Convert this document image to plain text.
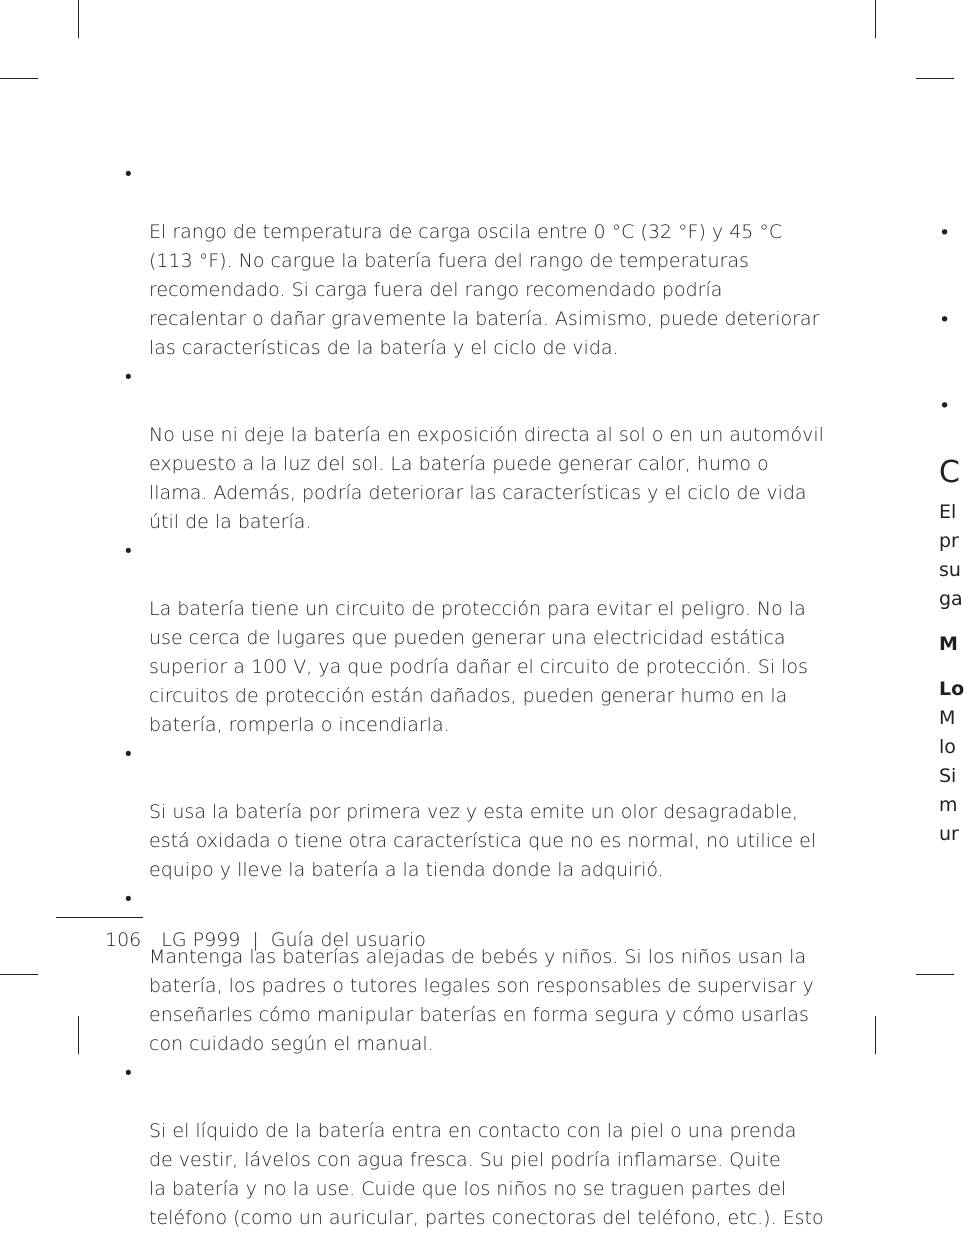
•

El rango de temperatura de carga oscila entre 0 °C (32 °F) y 45 °C
(113 °F). No cargue la batería fuera del rango de temperaturas
recomendado. Si carga fuera del rango recomendado podría
recalentar o dañar gravemente la batería. Asimismo, puede deteriorar
las características de la batería y el ciclo de vida.

•

No use ni deje la batería en exposición directa al sol o en un automóvil
expuesto a la luz del sol. La batería puede generar calor, humo o
llama. Además, podría deteriorar las características y el ciclo de vida
útil de la batería.

•

La batería tiene un circuito de protección para evitar el peligro. No la
use cerca de lugares que pueden generar una electricidad estática
superior a 100 V, ya que podría dañar el circuito de protección. Si los
circuitos de protección están dañados, pueden generar humo en la
batería, romperla o incendiarla.

•

Si usa la batería por primera vez y esta emite un olor desagradable,
está oxidada o tiene otra característica que no es normal, no utilice el
equipo y lleve la batería a la tienda donde la adquirió.

•

Mantenga las baterías alejadas de bebés y niños. Si los niños usan la
batería, los padres o tutores legales son responsables de supervisar y
enseñarles cómo manipular baterías en forma segura y cómo usarlas
con cuidado según el manual.

•

Si el líquido de la batería entra en contacto con la piel o una prenda
de vestir, lávelos con agua fresca. Su piel podría inflamarse. Quite
la batería y no la use. Cuide que los niños no se traguen partes del
teléfono (como un auricular, partes conectoras del teléfono, etc.). Esto

106 LG P999 | Guía del usuario
•
•
•
C
El
pr
su
ga
M
Lo
M
lo
Si
m
ur
